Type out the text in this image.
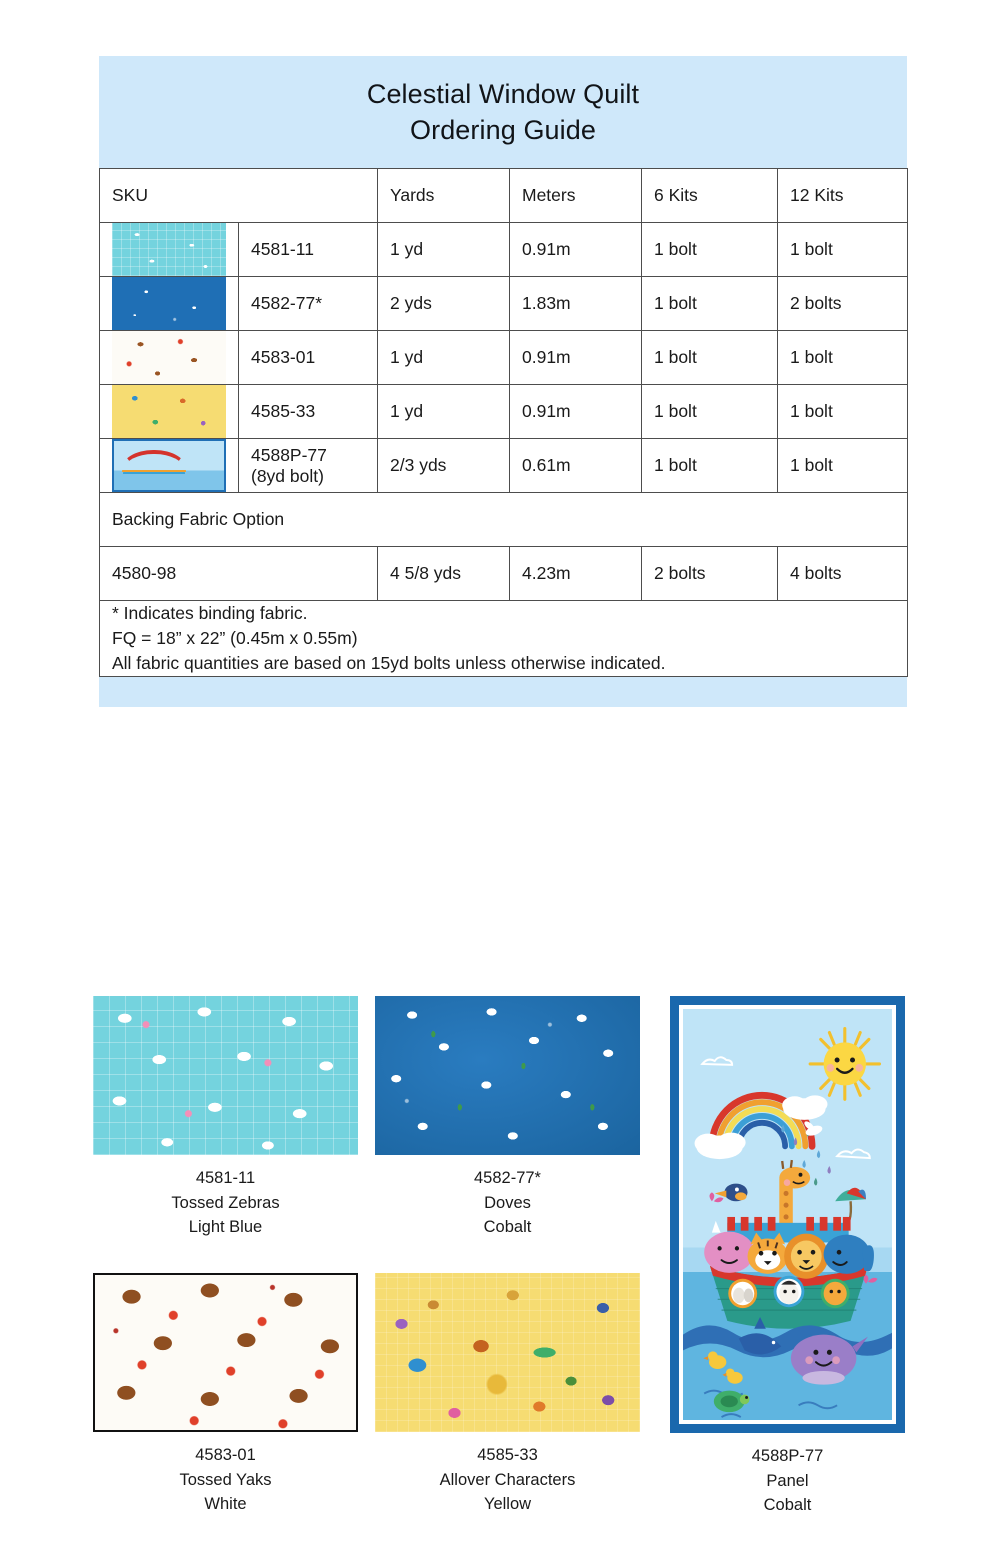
Celestial Window Quilt
Ordering Guide
SKU		Yards	Meters	6 Kits	12 Kits

	4581-11	1 yd	0.91m	1 bolt	1 bolt

	4582-77*	2 yds	1.83m	1 bolt	2 bolts

	4583-01	1 yd	0.91m	1 bolt	1 bolt

	4585-33	1 yd	0.91m	1 bolt	1 bolt

	4588P-77 (8yd bolt)	2/3 yds	0.61m	1 bolt	1 bolt
Backing Fabric Option					
4580-98		4 5/8 yds	4.23m	2 bolts	4 bolts

* Indicates binding fabric.
FQ = 18” x 22” (0.45m x 0.55m)
All fabric quantities are based on 15yd bolts unless otherwise indicated.					
4581-11
Tossed Zebras
Light Blue
4582-77*
Doves
Cobalt
4583-01
Tossed Yaks
White
4585-33
Allover Characters
Yellow
4588P-77
Panel
Cobalt
